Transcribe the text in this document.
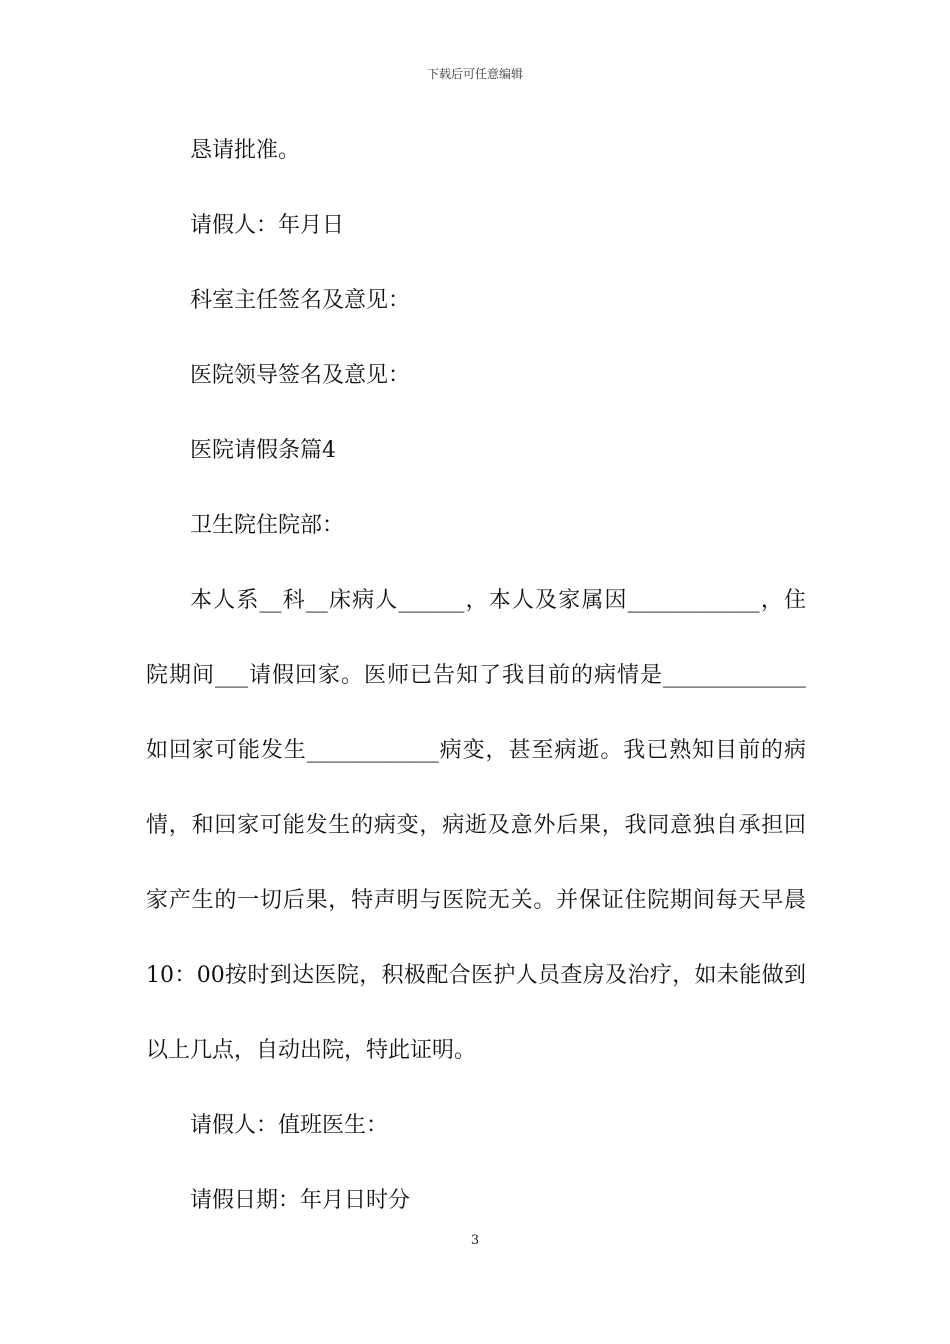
下载后可任意编辑
恳请批准。
请假人：年月日
科室主任签名及意见：
医院领导签名及意见：
医院请假条篇4
卫生院住院部：
本人系__科__床病人______，本人及家属因____________，住
院期间___请假回家。医师已告知了我目前的病情是_____________
如回家可能发生____________病变，甚至病逝。我已熟知目前的病
情，和回家可能发生的病变，病逝及意外后果，我同意独自承担回
家产生的一切后果，特声明与医院无关。并保证住院期间每天早晨
10：00按时到达医院，积极配合医护人员查房及治疗，如未能做到
以上几点，自动出院，特此证明。
请假人：值班医生：
请假日期：年月日时分
3
